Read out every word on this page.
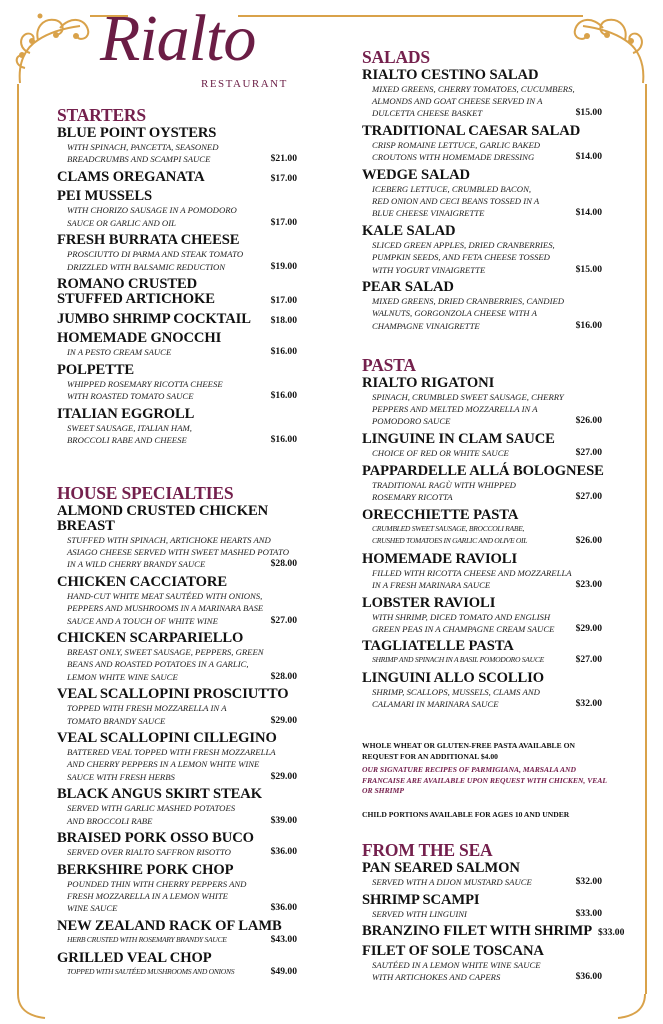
Rialto
RESTAURANT
STARTERS
BLUE POINT OYSTERS
WITH SPINACH, PANCETTA, SEASONED
BREADCRUMBS AND SCAMPI SAUCE	$21.00
CLAMS OREGANATA	$17.00
PEI MUSSELS
WITH CHORIZO SAUSAGE IN A POMODORO
SAUCE OR GARLIC AND OIL	$17.00
FRESH BURRATA CHEESE
PROSCIUTTO DI PARMA AND STEAK TOMATO
DRIZZLED WITH BALSAMIC REDUCTION	$19.00
ROMANO CRUSTED
STUFFED ARTICHOKE	$17.00
JUMBO SHRIMP COCKTAIL $18.00
HOMEMADE GNOCCHI
IN A PESTO CREAM SAUCE	$16.00
POLPETTE
WHIPPED ROSEMARY RICOTTA CHEESE
WITH ROASTED TOMATO SAUCE	$16.00
ITALIAN EGGROLL
SWEET SAUSAGE, ITALIAN HAM,
BROCCOLI RABE AND CHEESE	$16.00
HOUSE SPECIALTIES
ALMOND CRUSTED CHICKEN BREAST
STUFFED WITH SPINACH, ARTICHOKE HEARTS AND
ASIAGO CHEESE SERVED WITH SWEET MASHED POTATO
IN A WILD CHERRY BRANDY SAUCE	$28.00
CHICKEN CACCIATORE
HAND-CUT WHITE MEAT SAUTÉED WITH ONIONS,
PEPPERS AND MUSHROOMS IN A MARINARA BASE
SAUCE AND A TOUCH OF WHITE WINE	$27.00
CHICKEN SCARPARIELLO
BREAST ONLY, SWEET SAUSAGE, PEPPERS, GREEN
BEANS AND ROASTED POTATOES IN A GARLIC,
LEMON WHITE WINE SAUCE	$28.00
VEAL SCALLOPINI PROSCIUTTO
TOPPED WITH FRESH MOZZARELLA IN A
TOMATO BRANDY SAUCE	$29.00
VEAL SCALLOPINI CILLEGINO
BATTERED VEAL TOPPED WITH FRESH MOZZARELLA
AND CHERRY PEPPERS IN A LEMON WHITE WINE
SAUCE WITH FRESH HERBS	$29.00
BLACK ANGUS SKIRT STEAK
SERVED WITH GARLIC MASHED POTATOES
AND BROCCOLI RABE	$39.00
BRAISED PORK OSSO BUCO
SERVED OVER RIALTO SAFFRON RISOTTO	$36.00
BERKSHIRE PORK CHOP
POUNDED THIN WITH CHERRY PEPPERS AND
FRESH MOZZARELLA IN A LEMON WHITE
WINE SAUCE	$36.00
NEW ZEALAND RACK OF LAMB
HERB CRUSTED WITH ROSEMARY BRANDY SAUCE	$43.00
GRILLED VEAL CHOP
TOPPED WITH SAUTÉED MUSHROOMS AND ONIONS	$49.00
SALADS
RIALTO CESTINO SALAD
MIXED GREENS, CHERRY TOMATOES, CUCUMBERS,
ALMONDS AND GOAT CHEESE SERVED IN A
DULCETTA CHEESE BASKET	$15.00
TRADITIONAL CAESAR SALAD
CRISP ROMAINE LETTUCE, GARLIC BAKED
CROUTONS WITH HOMEMADE DRESSING	$14.00
WEDGE SALAD
ICEBERG LETTUCE, CRUMBLED BACON,
RED ONION AND CECI BEANS TOSSED IN A
BLUE CHEESE VINAIGRETTE	$14.00
KALE SALAD
SLICED GREEN APPLES, DRIED CRANBERRIES,
PUMPKIN SEEDS, AND FETA CHEESE TOSSED
WITH YOGURT VINAIGRETTE	$15.00
PEAR SALAD
MIXED GREENS, DRIED CRANBERRIES, CANDIED
WALNUTS, GORGONZOLA CHEESE WITH A
CHAMPAGNE VINAIGRETTE	$16.00
PASTA
RIALTO RIGATONI
SPINACH, CRUMBLED SWEET SAUSAGE, CHERRY
PEPPERS AND MELTED MOZZARELLA IN A
POMODORO SAUCE	$26.00
LINGUINE IN CLAM SAUCE
CHOICE OF RED OR WHITE SAUCE	$27.00
PAPPARDELLE ALLÁ BOLOGNESE
TRADITIONAL RAGÙ WITH WHIPPED
ROSEMARY RICOTTA	$27.00
ORECCHIETTE PASTA
CRUMBLED SWEET SAUSAGE, BROCCOLI RABE,
CRUSHED TOMATOES IN GARLIC AND OLIVE OIL	$26.00
HOMEMADE RAVIOLI
FILLED WITH RICOTTA CHEESE AND MOZZARELLA
IN A FRESH MARINARA SAUCE	$23.00
LOBSTER RAVIOLI
WITH SHRIMP, DICED TOMATO AND ENGLISH
GREEN PEAS IN A CHAMPAGNE CREAM SAUCE $29.00
TAGLIATELLE PASTA
SHRIMP AND SPINACH IN A BASIL POMODORO SAUCE	$27.00
LINGUINI ALLO SCOLLIO
SHRIMP, SCALLOPS, MUSSELS, CLAMS AND
CALAMARI IN MARINARA SAUCE	$32.00
FROM THE SEA
PAN SEARED SALMON
SERVED WITH A DIJON MUSTARD SAUCE	$32.00
SHRIMP SCAMPI
SERVED WITH LINGUINI	$33.00
BRANZINO FILET WITH SHRIMP $33.00
FILET OF SOLE TOSCANA
SAUTÉED IN A LEMON WHITE WINE SAUCE
WITH ARTICHOKES AND CAPERS	$36.00
WHOLE WHEAT OR GLUTEN-FREE PASTA AVAILABLE ON REQUEST FOR AN ADDITIONAL $4.00
OUR SIGNATURE RECIPES OF PARMIGIANA, MARSALA AND FRANCAISE ARE AVAILABLE UPON REQUEST WITH CHICKEN, VEAL OR SHRIMP
CHILD PORTIONS AVAILABLE FOR AGES 10 AND UNDER
